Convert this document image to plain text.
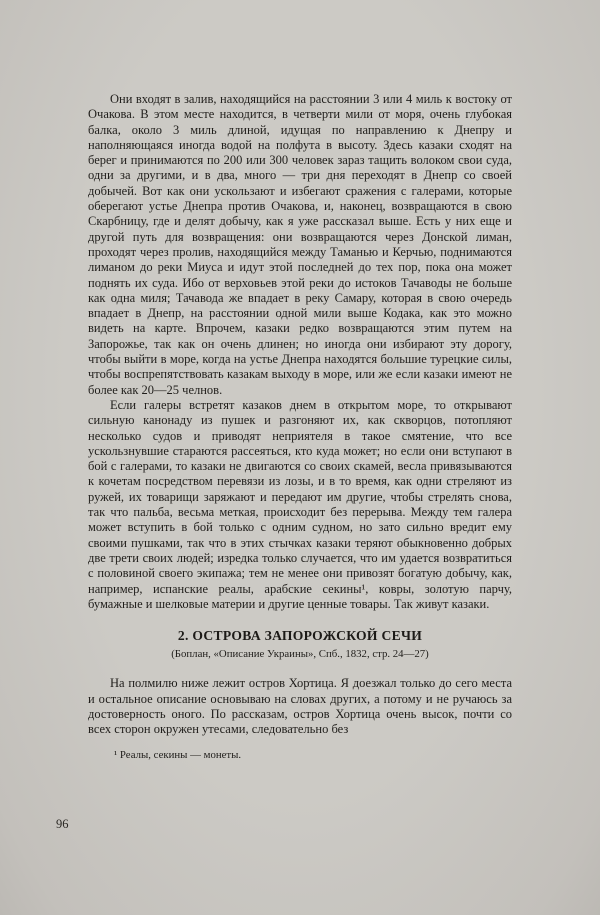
Они входят в залив, находящийся на расстоянии 3 или 4 миль к востоку от Очакова. В этом месте находится, в четверти мили от моря, очень глубокая балка, около 3 миль длиной, идущая по направлению к Днепру и наполняющаяся иногда водой на полфута в высоту. Здесь казаки сходят на берег и принимаются по 200 или 300 человек зараз тащить волоком свои суда, одни за другими, и в два, много — три дня переходят в Днепр со своей добычей. Вот как они ускользают и избегают сражения с галерами, которые оберегают устье Днепра против Очакова, и, наконец, возвращаются в свою Скарбницу, где и делят добычу, как я уже рассказал выше. Есть у них еще и другой путь для возвращения: они возвращаются через Донской лиман, проходят через пролив, находящийся между Таманью и Керчью, поднимаются лиманом до реки Миуса и идут этой последней до тех пор, пока она может поднять их суда. Ибо от верховьев этой реки до истоков Тачаводы не больше как одна миля; Тачавода же впадает в реку Самару, которая в свою очередь впадает в Днепр, на расстоянии одной мили выше Кодака, как это можно видеть на карте. Впрочем, казаки редко возвращаются этим путем на Запорожье, так как он очень длинен; но иногда они избирают эту дорогу, чтобы выйти в море, когда на устье Днепра находятся большие турецкие силы, чтобы воспрепятствовать казакам выходу в море, или же если казаки имеют не более как 20—25 челнов.

Если галеры встретят казаков днем в открытом море, то открывают сильную канонаду из пушек и разгоняют их, как скворцов, потопляют несколько судов и приводят неприятеля в такое смятение, что все ускользнувшие стараются рассеяться, кто куда может; но если они вступают в бой с галерами, то казаки не двигаются со своих скамей, весла привязываются к кочетам посредством перевязи из лозы, и в то время, как одни стреляют из ружей, их товарищи заряжают и передают им другие, чтобы стрелять снова, так что пальба, весьма меткая, происходит без перерыва. Между тем галера может вступить в бой только с одним судном, но зато сильно вредит ему своими пушками, так что в этих стычках казаки теряют обыкновенно добрых две трети своих людей; изредка только случается, что им удается возвратиться с половиной своего экипажа; тем не менее они привозят богатую добычу, как, например, испанские реалы, арабские секины¹, ковры, золотую парчу, бумажные и шелковые материи и другие ценные товары. Так живут казаки.

2. ОСТРОВА ЗАПОРОЖСКОЙ СЕЧИ
(Боплан, «Описание Украины», Спб., 1832, стр. 24—27)

На полмилю ниже лежит остров Хортица. Я доезжал только до сего места и остальное описание основываю на словах других, а потому и не ручаюсь за достоверность оного. По рассказам, остров Хортица очень высок, почти со всех сторон окружен утесами, следовательно без

¹ Реалы, секины — монеты.
96
